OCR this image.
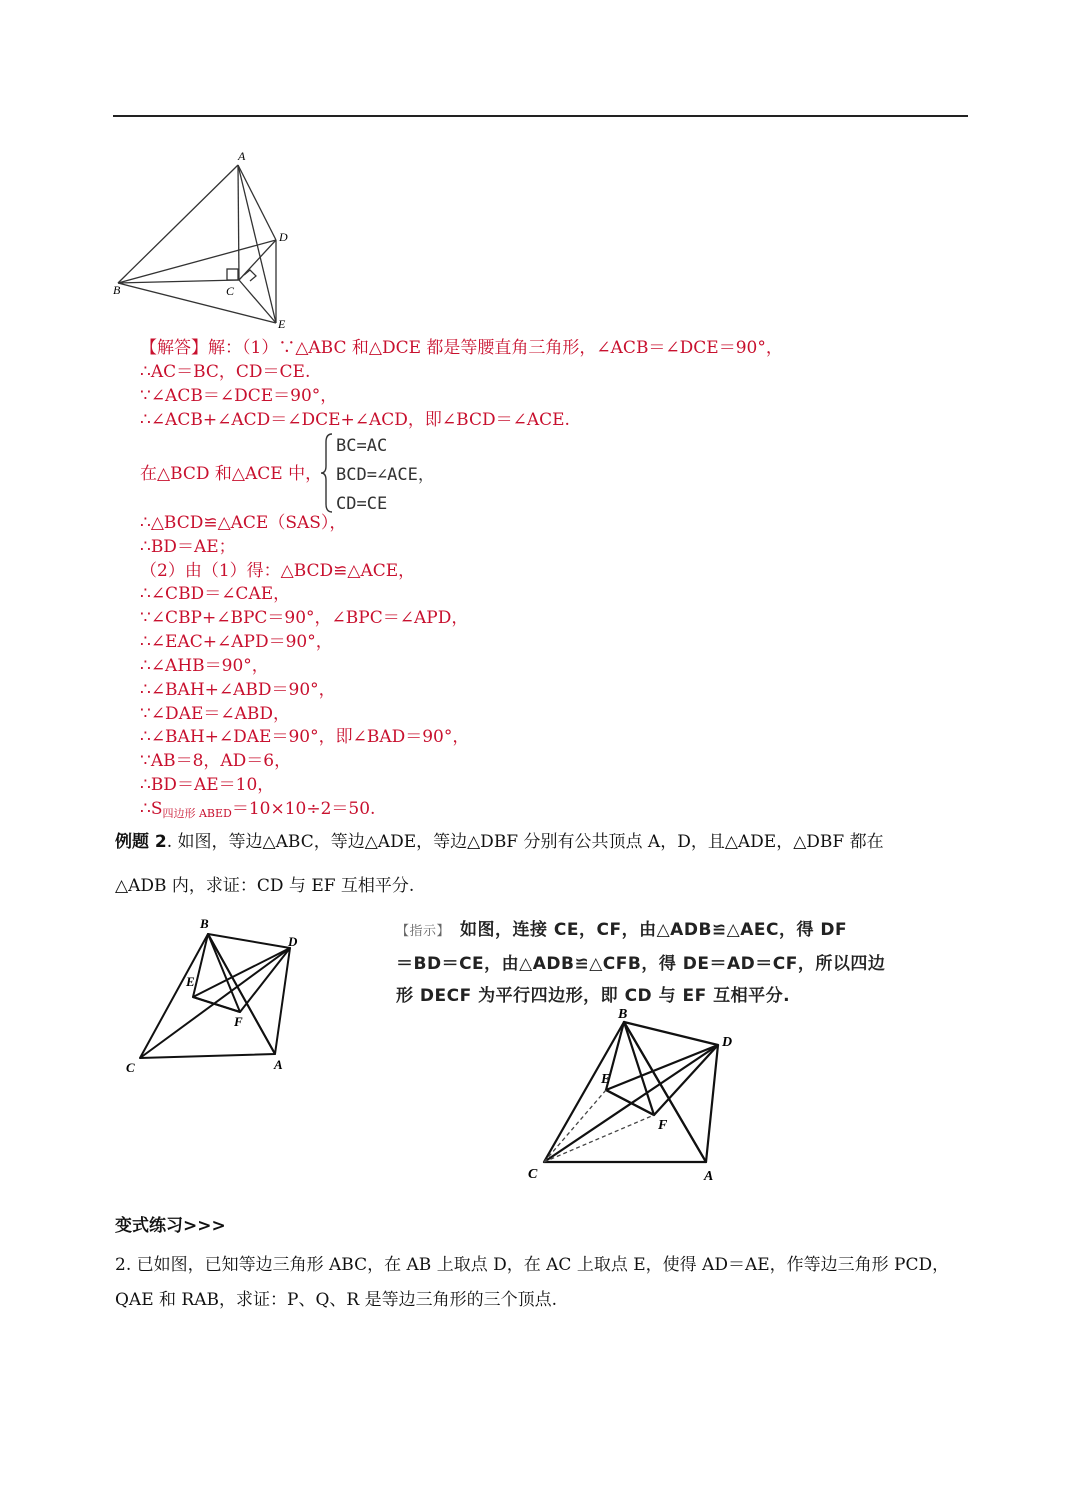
A
B	C
D
E
【解答】解：（1）∵△ABC 和△DCE 都是等腰直角三角形，∠ACB＝∠DCE＝90°，
∴AC＝BC，CD＝CE.
∵∠ACB＝∠DCE＝90°，
∴∠ACB+∠ACD＝∠DCE+∠ACD，即∠BCD＝∠ACE.
在△BCD 和△ACE 中，
BC=AC
BCD=∠ACE，
CD=CE
∴△BCD≌△ACE（SAS），
∴BD＝AE；
（2）由（1）得：△BCD≌△ACE，
∴∠CBD＝∠CAE，
∵∠CBP+∠BPC＝90°，∠BPC＝∠APD，
∴∠EAC+∠APD＝90°，
∴∠AHB＝90°，
∴∠BAH+∠ABD＝90°，
∵∠DAE＝∠ABD，
∴∠BAH+∠DAE＝90°，即∠BAD＝90°，
∵AB＝8，AD＝6，
∴BD＝AE＝10，
∴S四边形 ABED＝10×10÷2＝50.
例题 2. 如图，等边△ABC，等边△ADE，等边△DBF 分别有公共顶点 A，D，且△ADE，△DBF 都在
△ADB 内，求证：CD 与 EF 互相平分.
B
D
E
F
C	A
【指示】 如图，连接 CE，CF，由△ADB≌△AEC，得 DF
＝BD＝CE，由△ADB≌△CFB，得 DE＝AD＝CF，所以四边
形 DECF 为平行四边形，即 CD 与 EF 互相平分.
B
D
E
F
C	A
变式练习>>>
2. 已如图，已知等边三角形 ABC，在 AB 上取点 D，在 AC 上取点 E，使得 AD＝AE，作等边三角形 PCD，
QAE 和 RAB，求证：P、Q、R 是等边三角形的三个顶点.
